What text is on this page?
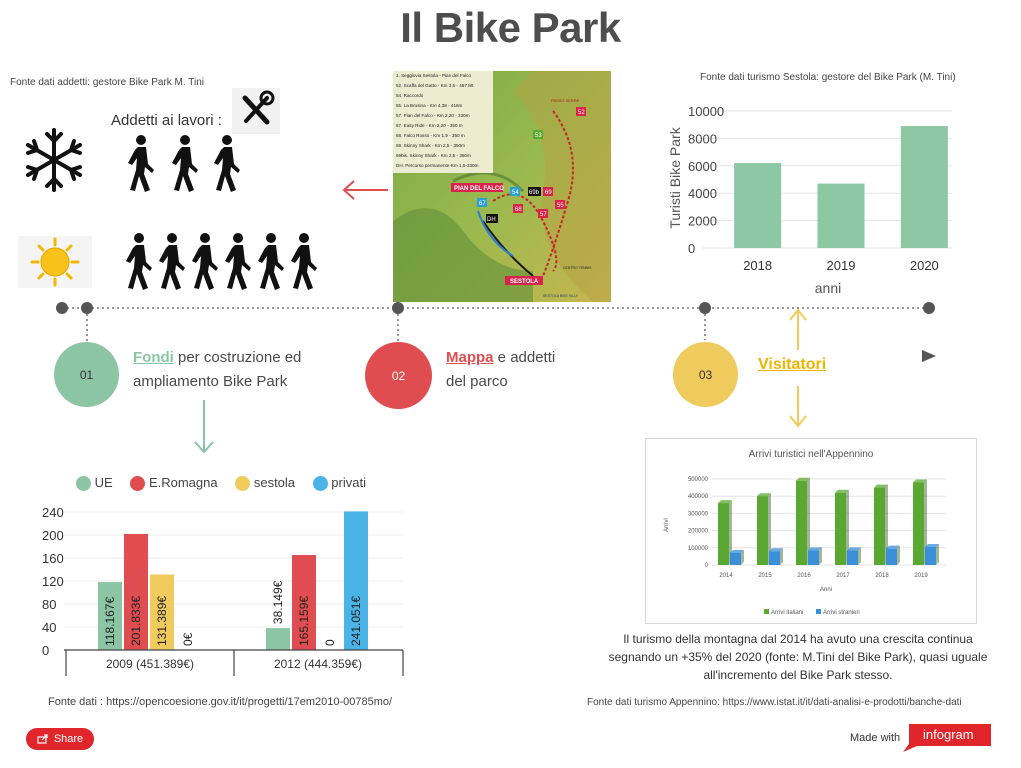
Il Bike Park
Fonte dati addetti: gestore Bike Park M. Tini
Addetti ai lavori :
1. Seggiovia Sestola - Pian del Falco
52. Scaffa del Gatto - Km 3,5 - 467 Mt
54. Raccordo
55. La Brusina - Km 4,38 - 416m
57. Pian del Falco - Km 2,20 - 330m
67. Easy Ride - Km 2,20 - 350 m
68. Falco Rosso - Km 1,9 - 350 m
69. Skinny Shark - Km 2,5 - 350m
69bis. Skinny Shark - Km 2,5 - 350m
DH. Percorso permanente-Km 1,5-330m
PIAN DEL FALCO
SESTOLA
PASSO SERRE
52
53
54
55
57
67
68
69
69b
DH
CENTRO TENNIS
SESTOLA BIKE VILLY
Fonte dati turismo Sestola: gestore del Bike Park (M. Tini)
0
2000
4000
6000
8000
10000
2018	2019	2020
Turisti Bike Park
anni
01	02	03
Fondi per costruzione ed
ampliamento Bike Park
Mappa e addetti
del parco
Visitatori
UE	E.Romagna	sestola	privati
0
40
80
120
160
200
240
118.167€ 201.833€ 131.389€ 0€
38.149€ 165.159€ 0 241.051€
2009 (451.389€)	2012 (444.359€)
Fonte dati : https://opencoesione.gov.it/it/progetti/17em2010-00785mo/
Arrivi turistici nell'Appennino
0
100000
200000
300000
400000
500000
2014	2015	2016	2017	2018	2019
Arrivi
Anni
Arrivi italiani	Arrivi stranieri
Il turismo della montagna dal 2014 ha avuto una crescita continua segnando un +35% del 2020 (fonte: M.Tini del Bike Park), quasi uguale all'incremento del Bike Park stesso.
Fonte dati turismo Appennino: https://www.istat.it/it/dati-analisi-e-prodotti/banche-dati
Share	Made with infogram
